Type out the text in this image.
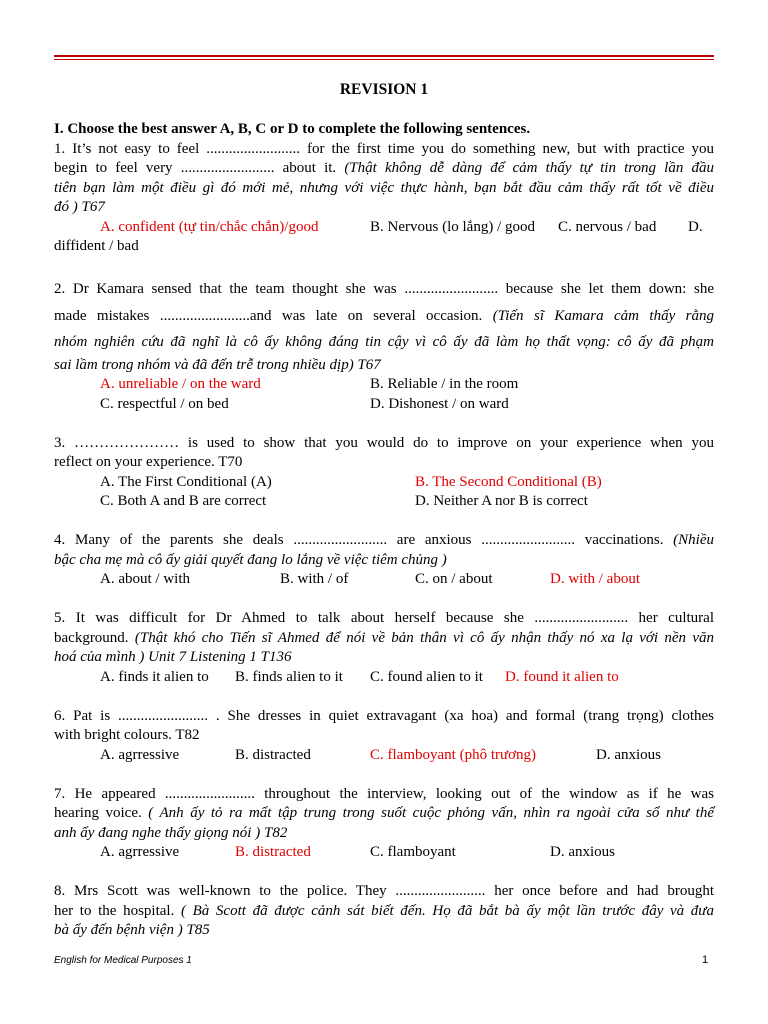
REVISION 1
I. Choose the best answer A, B, C or D to complete the following sentences.
1. It’s not easy to feel ......................... for the first time you do something new, but with practice you
begin to feel very ......................... about it. (Thật không dễ dàng để cảm thấy tự tin trong lần đầu
tiên bạn làm một điều gì đó mới mẻ, nhưng với việc thực hành, bạn bắt đầu cảm thấy rất tốt về điều
đó ) T67
A. confident (tự tin/chắc chắn)/good	B. Nervous (lo lắng) / good C. nervous / bad D.
diffident / bad
2. Dr Kamara sensed that the team thought she was ......................... because she let them down: she
made mistakes ........................and was late on several occasion. (Tiến sĩ Kamara cảm thấy rằng
nhóm nghiên cứu đã nghĩ là cô ấy không đáng tin cậy vì cô ấy đã làm họ thất vọng: cô ấy đã phạm
sai lầm trong nhóm và đã đến trễ trong nhiều dịp) T67
A. unreliable / on the ward	B. Reliable / in the room
C. respectful / on bed	D. Dishonest / on ward
3. ………………… is used to show that you would do to improve on your experience when you
reflect on your experience. T70
A. The First Conditional (A)	B. The Second Conditional (B)
C. Both A and B are correct	D. Neither A nor B is correct
4. Many of the parents she deals ......................... are anxious ......................... vaccinations. (Nhiều
bậc cha mẹ mà cô ấy giải quyết đang lo lắng về việc tiêm chủng )
A. about / with	B. with / of	C. on / about	D. with / about
5. It was difficult for Dr Ahmed to talk about herself because she ......................... her cultural
background. (Thật khó cho Tiến sĩ Ahmed để nói về bản thân vì cô ấy nhận thấy nó xa lạ với nền văn
hoá của mình ) Unit 7 Listening 1 T136
A. finds it alien to B. finds alien to it C. found alien to it D. found it alien to
6. Pat is ........................ . She dresses in quiet extravagant (xa hoa) and formal (trang trọng) clothes
with bright colours. T82
A. agrressive	B. distracted	C. flamboyant (phô trương)	D. anxious
7. He appeared ........................ throughout the interview, looking out of the window as if he was
hearing voice. ( Anh ấy tỏ ra mất tập trung trong suốt cuộc phỏng vấn, nhìn ra ngoài cửa sổ như thể
anh ấy đang nghe thấy giọng nói ) T82
A. agrressive	B. distracted	C. flamboyant	D. anxious
8. Mrs Scott was well-known to the police. They ........................ her once before and had brought
her to the hospital. ( Bà Scott đã được cảnh sát biết đến. Họ đã bắt bà ấy một lần trước đây và đưa
bà ấy đến bệnh viện ) T85
English for Medical Purposes 1	1
